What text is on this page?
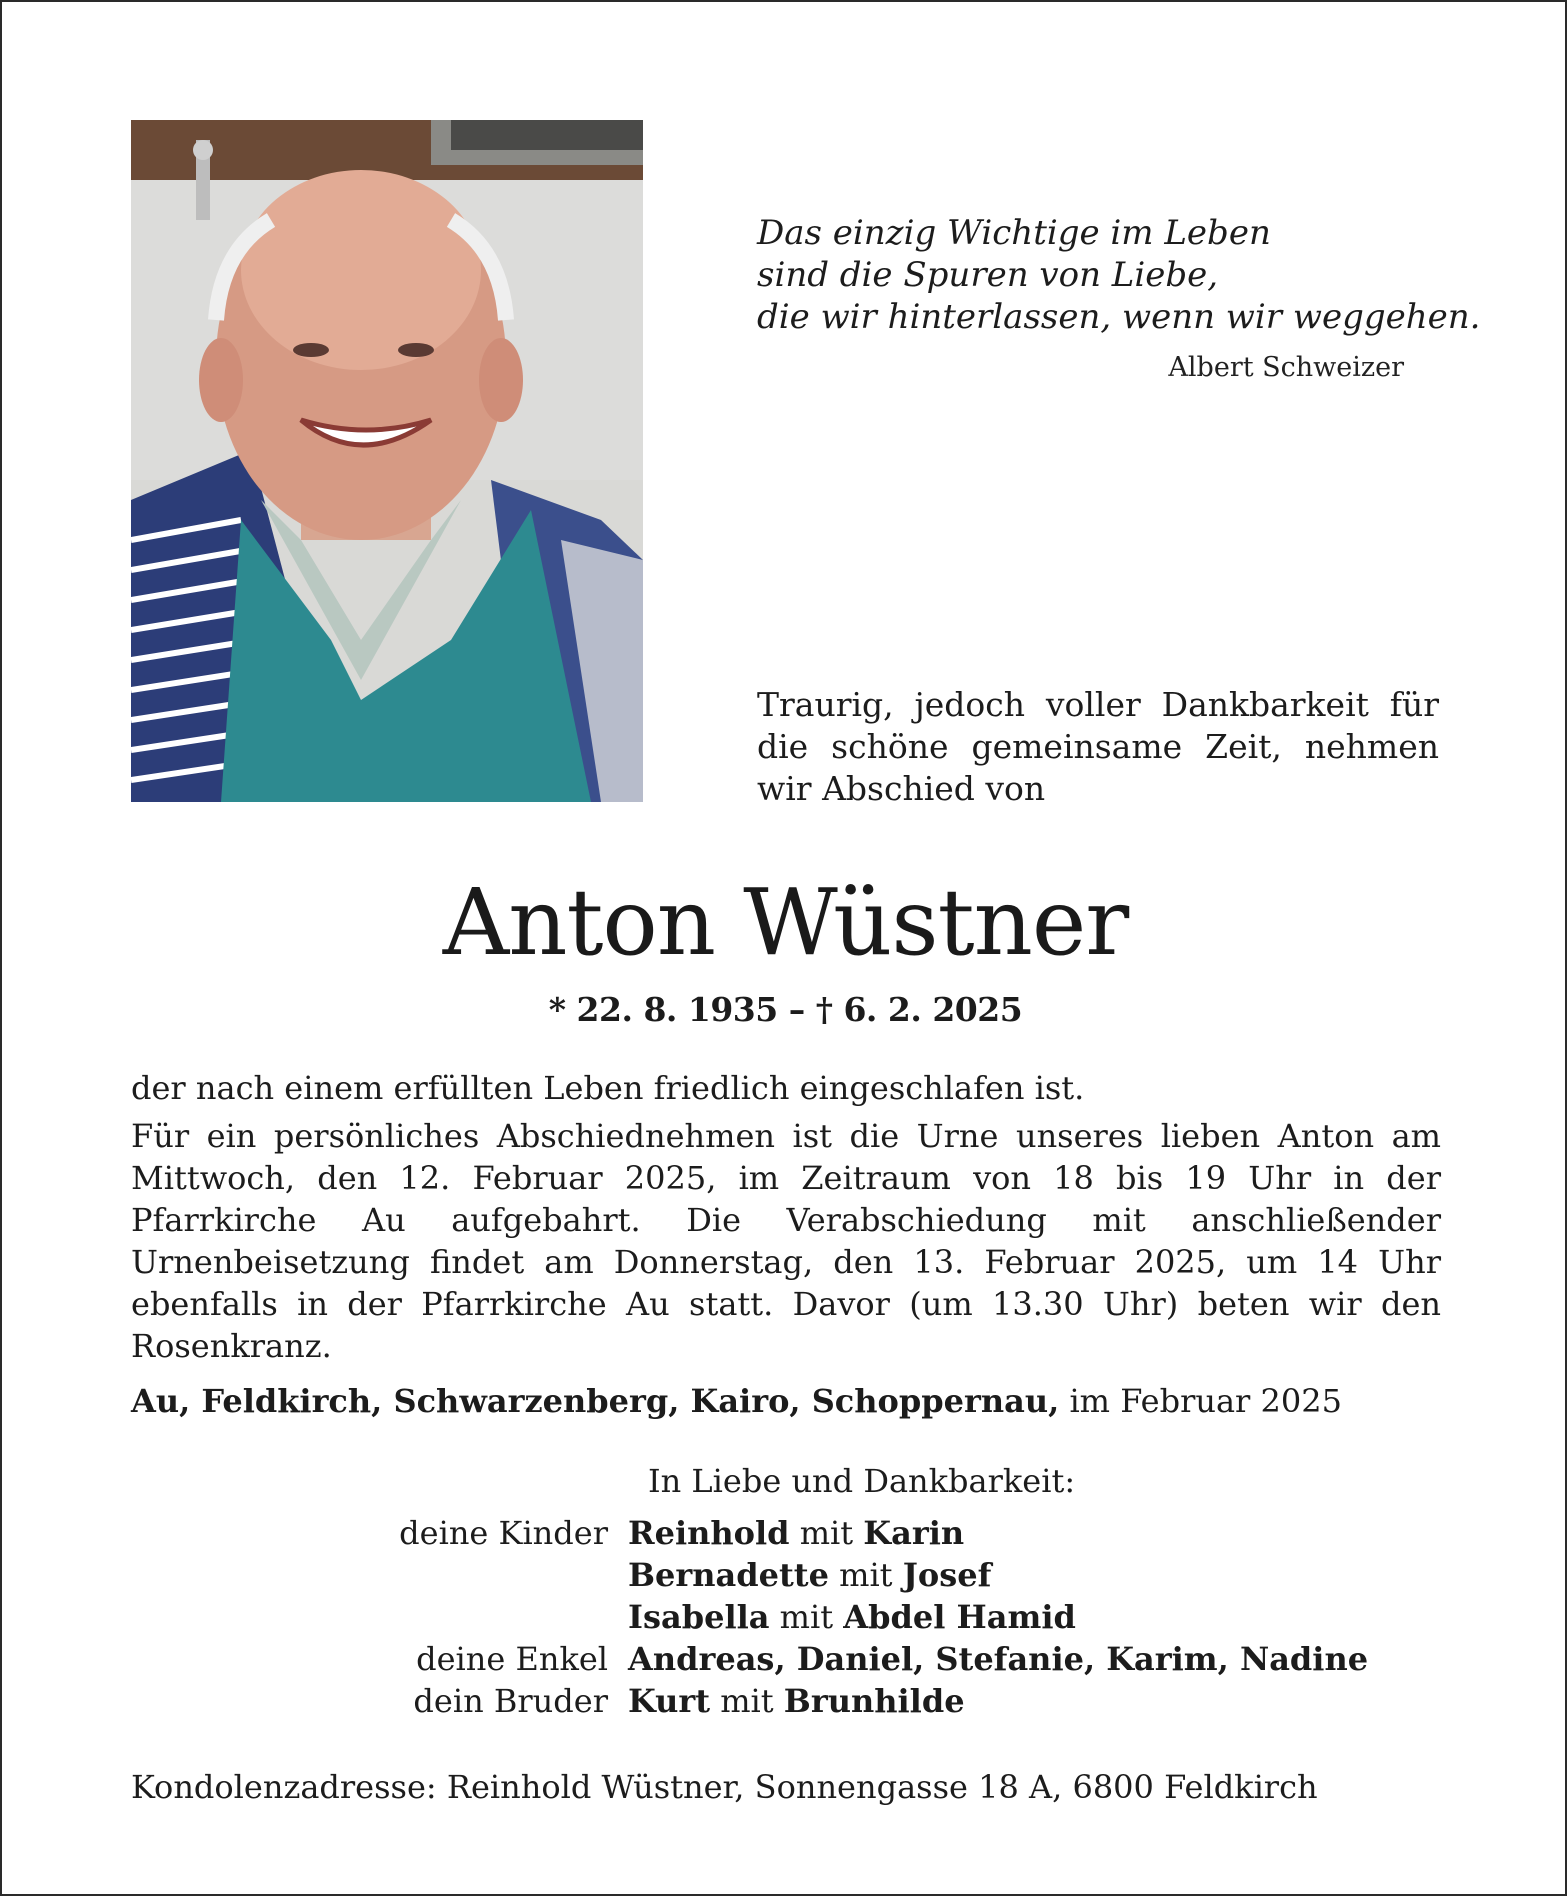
Das einzig Wichtige im Leben
sind die Spuren von Liebe,
die wir hinterlassen, wenn wir weggehen.
Albert Schweizer
Traurig, jedoch voller Dankbarkeit für die schöne gemeinsame Zeit, nehmen wir Abschied von
Anton Wüstner
* 22. 8. 1935 – † 6. 2. 2025

der nach einem erfüllten Leben friedlich eingeschlafen ist.

Für ein persönliches Abschiednehmen ist die Urne unseres lieben Anton am Mittwoch, den 12. Februar 2025, im Zeitraum von 18 bis 19 Uhr in der Pfarrkirche Au aufgebahrt. Die Verabschiedung mit anschließender Urnenbeisetzung findet am Donnerstag, den 13. Februar 2025, um 14 Uhr ebenfalls in der Pfarrkirche Au statt. Davor (um 13.30 Uhr) beten wir den Rosenkranz.

Au, Feldkirch, Schwarzenberg, Kairo, Schoppernau, im Februar 2025
In Liebe und Dankbarkeit:
deine Kinder Reinhold mit Karin
Bernadette mit Josef
Isabella mit Abdel Hamid
deine Enkel Andreas, Daniel, Stefanie, Karim, Nadine
dein Bruder Kurt mit Brunhilde
Kondolenzadresse: Reinhold Wüstner, Sonnengasse 18 A, 6800 Feldkirch
